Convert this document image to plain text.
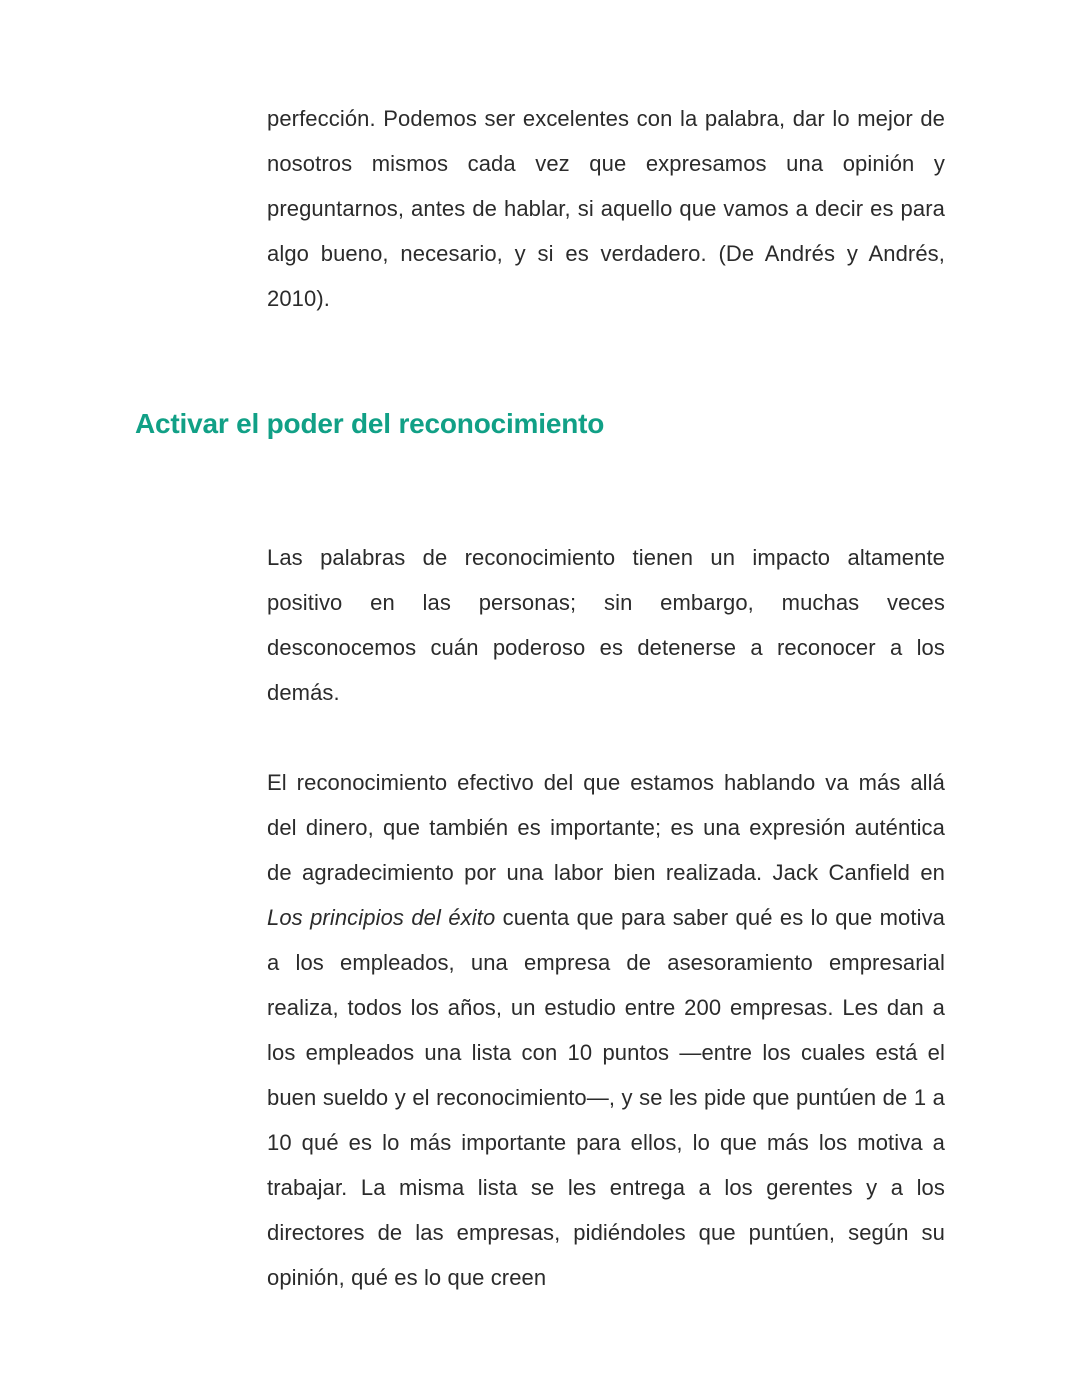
perfección. Podemos ser excelentes con la palabra, dar lo mejor de nosotros mismos cada vez que expresamos una opinión y preguntarnos, antes de hablar, si aquello que vamos a decir es para algo bueno, necesario, y si es verdadero. (De Andrés y Andrés, 2010).

Activar el poder del reconocimiento

Las palabras de reconocimiento tienen un impacto altamente positivo en las personas; sin embargo, muchas veces desconocemos cuán poderoso es detenerse a reconocer a los demás.

El reconocimiento efectivo del que estamos hablando va más allá del dinero, que también es importante; es una expresión auténtica de agradecimiento por una labor bien realizada. Jack Canfield en Los principios del éxito cuenta que para saber qué es lo que motiva a los empleados, una empresa de asesoramiento empresarial realiza, todos los años, un estudio entre 200 empresas. Les dan a los empleados una lista con 10 puntos —entre los cuales está el buen sueldo y el reconocimiento—, y se les pide que puntúen de 1 a 10 qué es lo más importante para ellos, lo que más los motiva a trabajar. La misma lista se les entrega a los gerentes y a los directores de las empresas, pidiéndoles que puntúen, según su opinión, qué es lo que creen
